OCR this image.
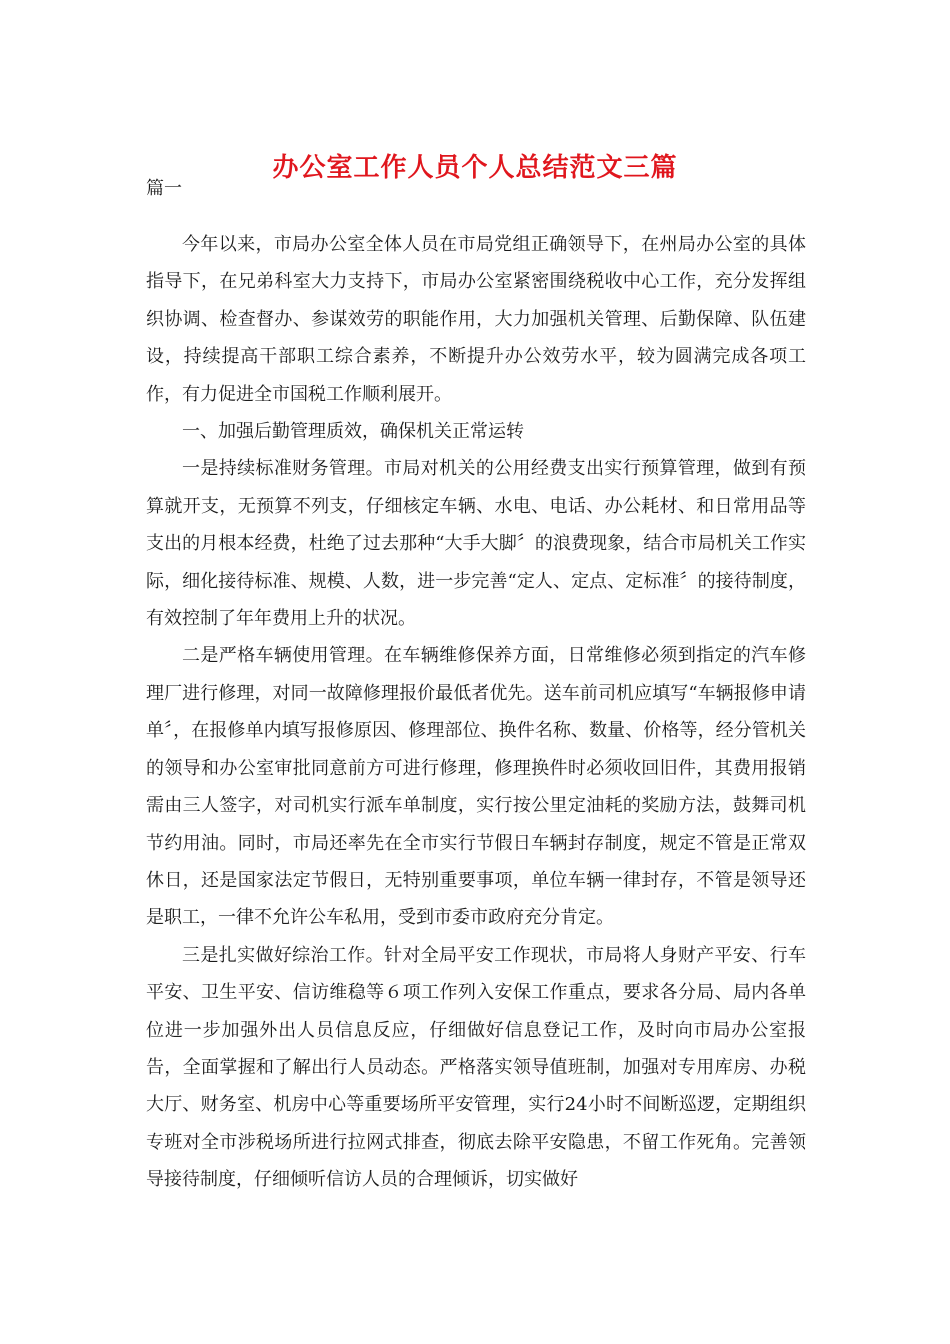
办公室工作人员个人总结范文三篇
篇一

今年以来，市局办公室全体人员在市局党组正确领导下，在州局办公室的具体指导下，在兄弟科室大力支持下，市局办公室紧密围绕税收中心工作，充分发挥组织协调、检查督办、参谋效劳的职能作用，大力加强机关管理、后勤保障、队伍建设，持续提高干部职工综合素养，不断提升办公效劳水平，较为圆满完成各项工作，有力促进全市国税工作顺利展开。

一、加强后勤管理质效，确保机关正常运转

一是持续标准财务管理。市局对机关的公用经费支出实行预算管理，做到有预算就开支，无预算不列支，仔细核定车辆、水电、电话、办公耗材、和日常用品等支出的月根本经费，杜绝了过去那种“大手大脚〞的浪费现象，结合市局机关工作实际，细化接待标准、规模、人数，进一步完善“定人、定点、定标准〞的接待制度，有效控制了年年费用上升的状况。

二是严格车辆使用管理。在车辆维修保养方面，日常维修必须到指定的汽车修理厂进行修理，对同一故障修理报价最低者优先。送车前司机应填写“车辆报修申请单〞，在报修单内填写报修原因、修理部位、换件名称、数量、价格等，经分管机关的领导和办公室审批同意前方可进行修理，修理换件时必须收回旧件，其费用报销需由三人签字，对司机实行派车单制度，实行按公里定油耗的奖励方法，鼓舞司机节约用油。同时，市局还率先在全市实行节假日车辆封存制度，规定不管是正常双休日，还是国家法定节假日，无特别重要事项，单位车辆一律封存，不管是领导还是职工，一律不允许公车私用，受到市委市政府充分肯定。

三是扎实做好综治工作。针对全局平安工作现状，市局将人身财产平安、行车平安、卫生平安、信访维稳等６项工作列入安保工作重点，要求各分局、局内各单位进一步加强外出人员信息反应，仔细做好信息登记工作，及时向市局办公室报告，全面掌握和了解出行人员动态。严格落实领导值班制，加强对专用库房、办税大厅、财务室、机房中心等重要场所平安管理，实行24小时不间断巡逻，定期组织专班对全市涉税场所进行拉网式排查，彻底去除平安隐患，不留工作死角。完善领导接待制度，仔细倾听信访人员的合理倾诉，切实做好
